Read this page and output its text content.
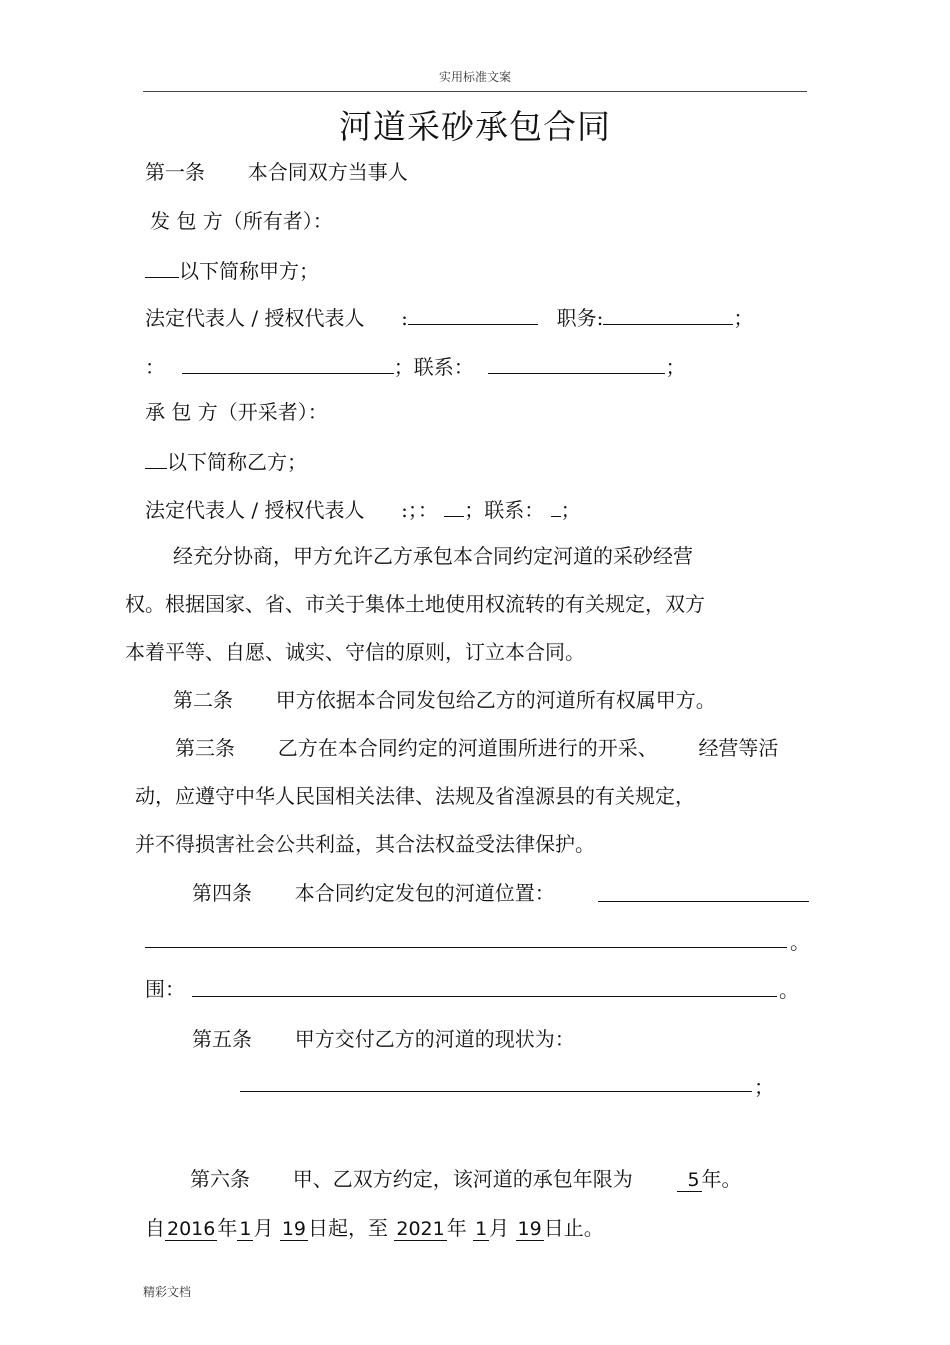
实用标准文案
河道采砂承包合同
第一条 本合同双方当事人
发 包 方（所有者）：
以下简称甲方；
法定代表人 / 授权代表人 :	职务:	；
：	；联系：	；
承 包 方（开采者）：
以下简称乙方；
法定代表人 / 授权代表人 :；： ；联系： ；
经充分协商，甲方允许乙方承包本合同约定河道的采砂经营
权。根据国家、省、市关于集体土地使用权流转的有关规定，双方
本着平等、自愿、诚实、守信的原则，订立本合同。
第二条 甲方依据本合同发包给乙方的河道所有权属甲方。
第三条 乙方在本合同约定的河道围所进行的开采、 经营等活
动，应遵守中华人民国相关法律、法规及省湟源县的有关规定，
并不得损害社会公共利益，其合法权益受法律保护。
第四条 本合同约定发包的河道位置：
。
围：	。
第五条 甲方交付乙方的河道的现状为：
；
第六条 甲、乙双方约定，该河道的承包年限为	5 年。
自 2016 年 1 月 19 日起，至 2021 年 1 月 19 日止。
精彩文档
